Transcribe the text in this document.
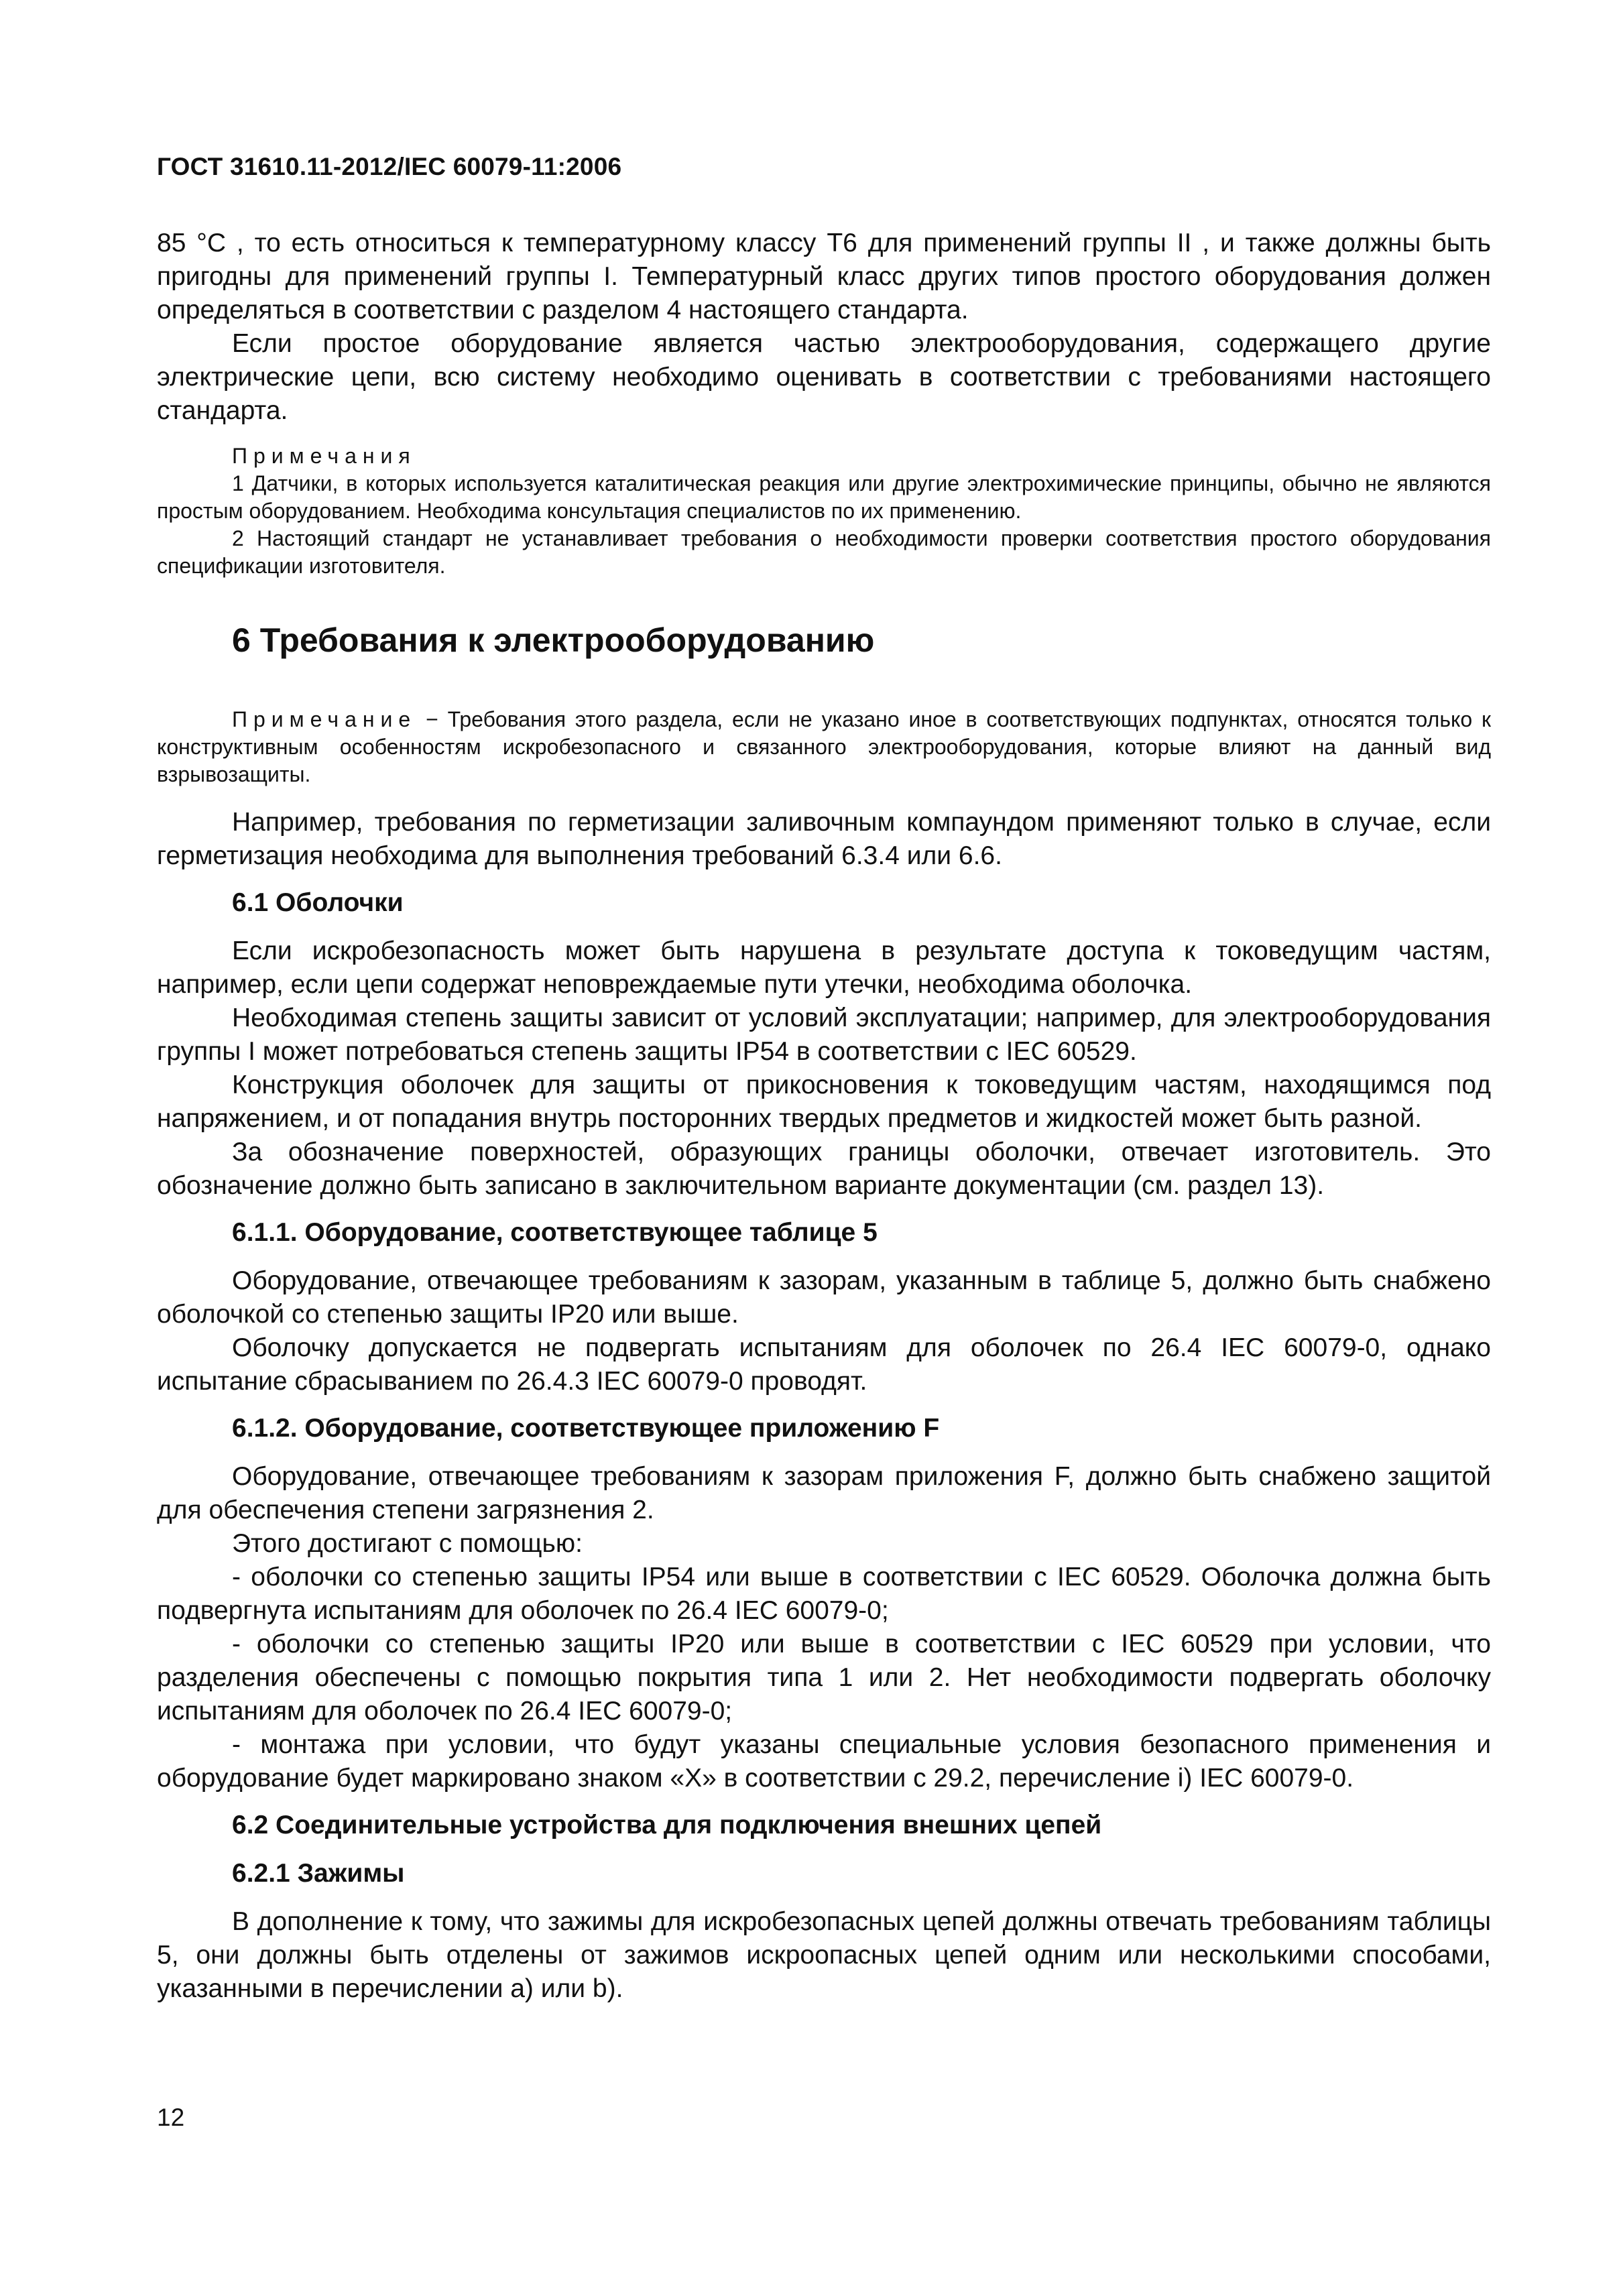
ГОСТ 31610.11-2012/IEC 60079-11:2006

85 °C , то есть относиться к температурному классу T6 для применений группы II , и также должны быть пригодны для применений группы I. Температурный класс других типов простого оборудования должен определяться в соответствии с разделом 4 настоящего стандарта.

Если простое оборудование является частью электрооборудования, содержащего другие электрические цепи, всю систему необходимо оценивать в соответствии с требованиями настоящего стандарта.

Примечания

1 Датчики, в которых используется каталитическая реакция или другие электрохимические принципы, обычно не являются простым оборудованием. Необходима консультация специалистов по их применению.

2 Настоящий стандарт не устанавливает требования о необходимости проверки соответствия простого оборудования спецификации изготовителя.

6 Требования к электрооборудованию

Примечание − Требования этого раздела, если не указано иное в соответствующих подпунктах, относятся только к конструктивным особенностям искробезопасного и связанного электрооборудования, которые влияют на данный вид взрывозащиты.

Например, требования по герметизации заливочным компаундом применяют только в случае, если герметизация необходима для выполнения требований 6.3.4 или 6.6.

6.1 Оболочки

Если искробезопасность может быть нарушена в результате доступа к токоведущим частям, например, если цепи содержат неповреждаемые пути утечки, необходима оболочка.

Необходимая степень защиты зависит от условий эксплуатации; например, для электрооборудования группы I может потребоваться степень защиты IP54 в соответствии с IEC 60529.

Конструкция оболочек для защиты от прикосновения к токоведущим частям, находящимся под напряжением, и от попадания внутрь посторонних твердых предметов и жидкостей может быть разной.

За обозначение поверхностей, образующих границы оболочки, отвечает изготовитель. Это обозначение должно быть записано в заключительном варианте документации (см. раздел 13).

6.1.1. Оборудование, соответствующее таблице 5

Оборудование, отвечающее требованиям к зазорам, указанным в таблице 5, должно быть снабжено оболочкой со степенью защиты IP20 или выше.

Оболочку допускается не подвергать испытаниям для оболочек по 26.4 IEC 60079-0, однако испытание сбрасыванием по 26.4.3 IEC 60079-0 проводят.

6.1.2. Оборудование, соответствующее приложению F

Оборудование, отвечающее требованиям к зазорам приложения F, должно быть снабжено защитой для обеспечения степени загрязнения 2.

Этого достигают с помощью:

- оболочки со степенью защиты IP54 или выше в соответствии с IEC 60529. Оболочка должна быть подвергнута испытаниям для оболочек по 26.4 IEC 60079-0;

- оболочки со степенью защиты IP20 или выше в соответствии с IEC 60529 при условии, что разделения обеспечены с помощью покрытия типа 1 или 2. Нет необходимости подвергать оболочку испытаниям для оболочек по 26.4 IEC 60079-0;

- монтажа при условии, что будут указаны специальные условия безопасного применения и оборудование будет маркировано знаком «X» в соответствии с 29.2, перечисление i) IEC 60079-0.

6.2 Соединительные устройства для подключения внешних цепей

6.2.1 Зажимы

В дополнение к тому, что зажимы для искробезопасных цепей должны отвечать требованиям таблицы 5, они должны быть отделены от зажимов искроопасных цепей одним или несколькими способами, указанными в перечислении a) или b).

12
